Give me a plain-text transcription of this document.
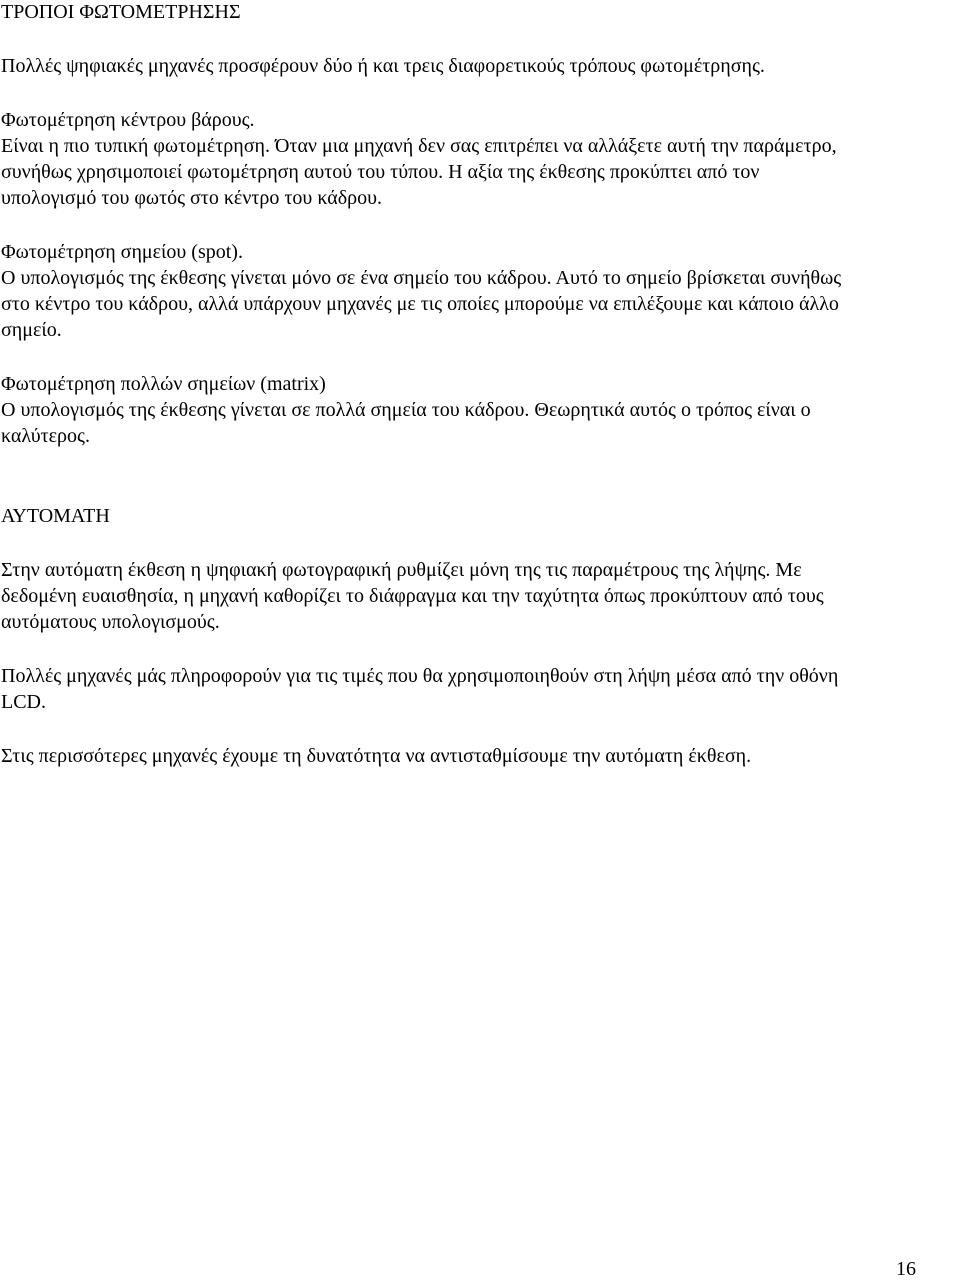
ΤΡΟΠΟΙ ΦΩΤΟΜΕΤΡΗΣΗΣ
Πολλές ψηφιακές μηχανές προσφέρουν δύο ή και τρεις διαφορετικούς τρόπους φωτομέτρησης.
Φωτομέτρηση κέντρου βάρους.
Είναι η πιο τυπική φωτομέτρηση. Όταν μια μηχανή δεν σας επιτρέπει να αλλάξετε αυτή την παράμετρο,
συνήθως χρησιμοποιεί φωτομέτρηση αυτού του τύπου. Η αξία της έκθεσης προκύπτει από τον
υπολογισμό του φωτός στο κέντρο του κάδρου.
Φωτομέτρηση σημείου (spot).
Ο υπολογισμός της έκθεσης γίνεται μόνο σε ένα σημείο του κάδρου. Αυτό το σημείο βρίσκεται συνήθως
στο κέντρο του κάδρου, αλλά υπάρχουν μηχανές με τις οποίες μπορούμε να επιλέξουμε και κάποιο άλλο
σημείο.
Φωτομέτρηση πολλών σημείων (matrix)
Ο υπολογισμός της έκθεσης γίνεται σε πολλά σημεία του κάδρου. Θεωρητικά αυτός ο τρόπος είναι ο
καλύτερος.
ΑΥΤΟΜΑΤΗ
Στην αυτόματη έκθεση η ψηφιακή φωτογραφική ρυθμίζει μόνη της τις παραμέτρους της λήψης. Με
δεδομένη ευαισθησία, η μηχανή καθορίζει το διάφραγμα και την ταχύτητα όπως προκύπτουν από τους
αυτόματους υπολογισμούς.
Πολλές μηχανές μάς πληροφορούν για τις τιμές που θα χρησιμοποιηθούν στη λήψη μέσα από την οθόνη
LCD.
Στις περισσότερες μηχανές έχουμε τη δυνατότητα να αντισταθμίσουμε την αυτόματη έκθεση.
16
